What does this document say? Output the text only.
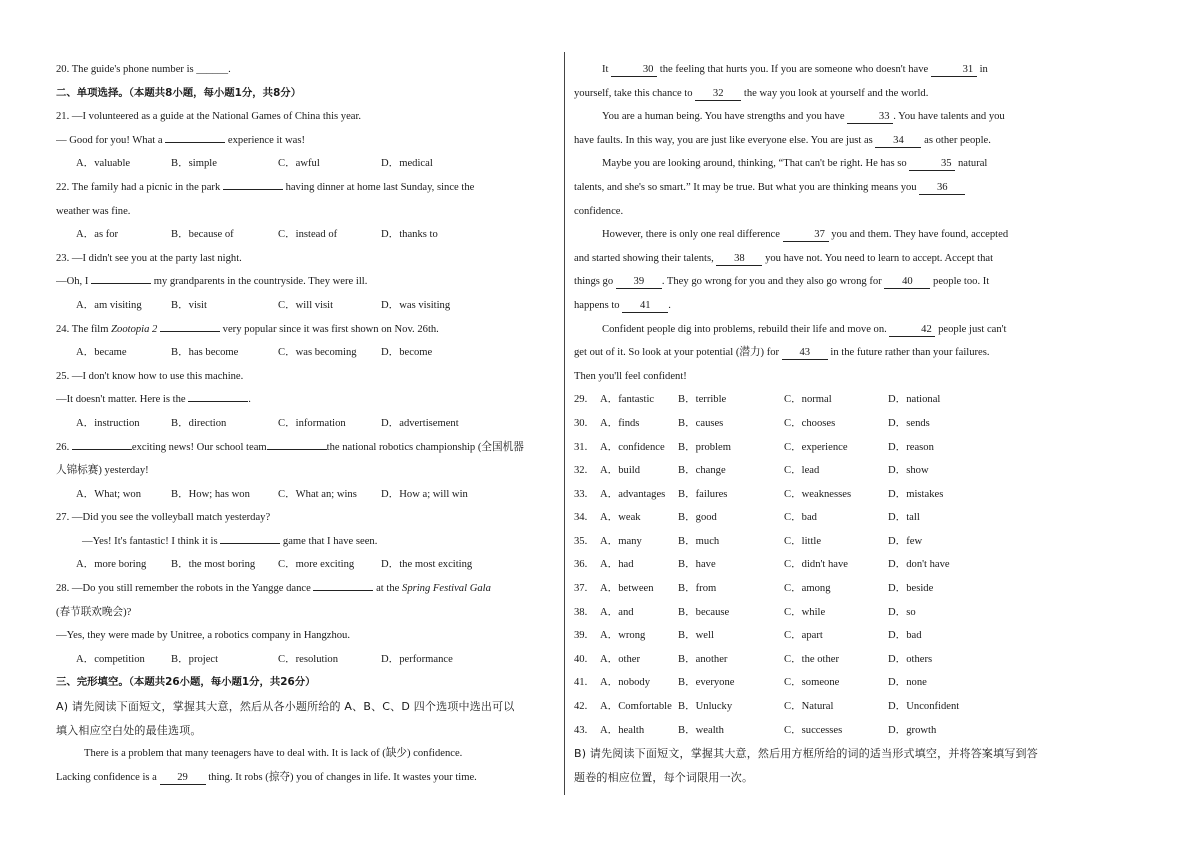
20. The guide's phone number is ______.
二、单项选择。（本题共8小题，每小题1分，共8分）
21. —I volunteered as a guide at the National Games of China this year.
— Good for you! What a	experience it was!
A．valuable	B．simple	C．awful	D．medical
22. The family had a picnic in the park	having dinner at home last Sunday, since the
weather was fine.
A．as for	B．because of	C．instead of	D．thanks to
23. —I didn't see you at the party last night.
—Oh, I	my grandparents in the countryside. They were ill.
A．am visiting	B．visit	C．will visit	D．was visiting
24. The film Zootopia 2	very popular since it was first shown on Nov. 26th.
A．became	B．has become	C．was becoming	D．become
25. —I don't know how to use this machine.
—It doesn't matter. Here is the	.
A．instruction	B．direction	C．information	D．advertisement
26.	exciting news! Our school team	the national robotics championship (全国机器
人锦标赛) yesterday!
A．What; won	B．How; has won	C．What an; wins	D．How a; will win
27. —Did you see the volleyball match yesterday?
—Yes! It's fantastic! I think it is	game that I have seen.
A．more boring	B．the most boring	C．more exciting	D．the most exciting
28. —Do you still remember the robots in the Yangge dance	at the Spring Festival Gala
(春节联欢晚会)?
—Yes, they were made by Unitree, a robotics company in Hangzhou.
A．competition	B．project	C．resolution	D．performance
三、完形填空。（本题共26小题，每小题1分，共26分）
A) 请先阅读下面短文，掌握其大意，然后从各小题所给的 A、B、C、D 四个选项中选出可以
填入相应空白处的最佳选项。
There is a problem that many teenagers have to deal with. It is lack of (缺少) confidence.
Lacking confidence is a 29 thing. It robs (掠夺) you of changes in life. It wastes your time.
It	30 the feeling that hurts you. If you are someone who doesn't have	31 in
yourself, take this chance to 32 the way you look at yourself and the world.
You are a human being. You have strengths and you have	33 . You have talents and you
have faults. In this way, you are just like everyone else. You are just as 34 as other people.
Maybe you are looking around, thinking, “That can't be right. He has so	35 natural
talents, and she's so smart.” It may be true. But what you are thinking means you 36
confidence.
However, there is only one real difference	37 you and them. They have found, accepted
and started showing their talents, 38 you have not. You need to learn to accept. Accept that
things go 39 . They go wrong for you and they also go wrong for 40 people too. It
happens to 41 .
Confident people dig into problems, rebuild their life and move on.	42 people just can't
get out of it. So look at your potential (潜力) for 43 in the future rather than your failures.
Then you'll feel confident!
29.	A．fantastic	B．terrible	C．normal	D．national
30.	A．finds	B．causes	C．chooses	D．sends
31.	A．confidence	B．problem	C．experience	D．reason
32.	A．build	B．change	C．lead	D．show
33.	A．advantages	B．failures	C．weaknesses	D．mistakes
34.	A．weak	B．good	C．bad	D．tall
35.	A．many	B．much	C．little	D．few
36.	A．had	B．have	C．didn't have	D．don't have
37.	A．between	B．from	C．among	D．beside
38.	A．and	B．because	C．while	D．so
39.	A．wrong	B．well	C．apart	D．bad
40.	A．other	B．another	C．the other	D．others
41.	A．nobody	B．everyone	C．someone	D．none
42.	A．Comfortable B．Unlucky	C．Natural	D．Unconfident
43.	A．health	B．wealth	C．successes	D．growth
B) 请先阅读下面短文，掌握其大意，然后用方框所给的词的适当形式填空，并将答案填写到答
题卷的相应位置，每个词限用一次。
